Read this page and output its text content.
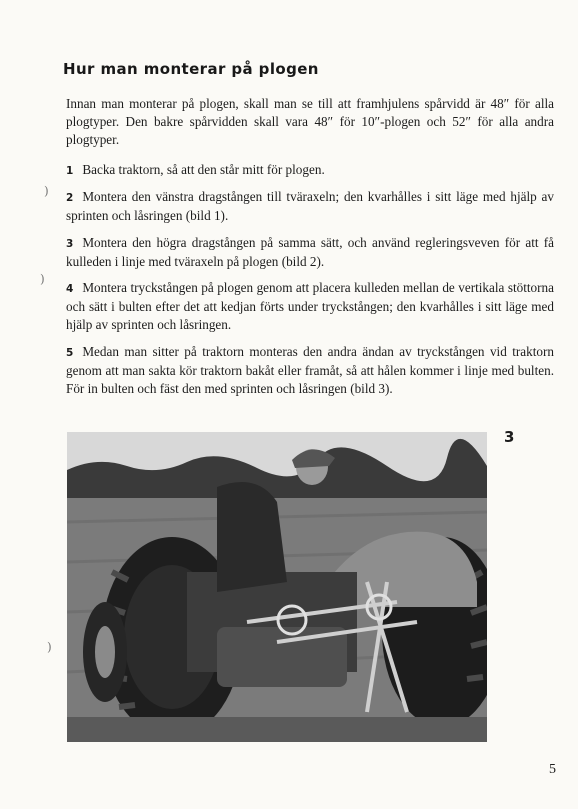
Hur man monterar på plogen

Innan man monterar på plogen, skall man se till att framhjulens spårvidd är 48″ för alla plogtyper. Den bakre spårvidden skall vara 48″ för 10″-plogen och 52″ för alla andra plogtyper.

1 Backa traktorn, så att den står mitt för plogen.

2 Montera den vänstra dragstången till tväraxeln; den kvarhålles i sitt läge med hjälp av sprinten och låsringen (bild 1).

3 Montera den högra dragstången på samma sätt, och använd regleringsveven för att få kulleden i linje med tväraxeln på plogen (bild 2).

4 Montera tryckstången på plogen genom att placera kulleden mellan de vertikala stöttorna och sätt i bulten efter det att kedjan förts under tryckstången; den kvarhålles i sitt läge med hjälp av sprinten och låsringen.

5 Medan man sitter på traktorn monteras den andra ändan av tryckstången vid traktorn genom att man sakta kör traktorn bakåt eller framåt, så att hålen kommer i linje med bulten. För in bulten och fäst den med sprinten och låsringen (bild 3).

3
5
)
)
)
